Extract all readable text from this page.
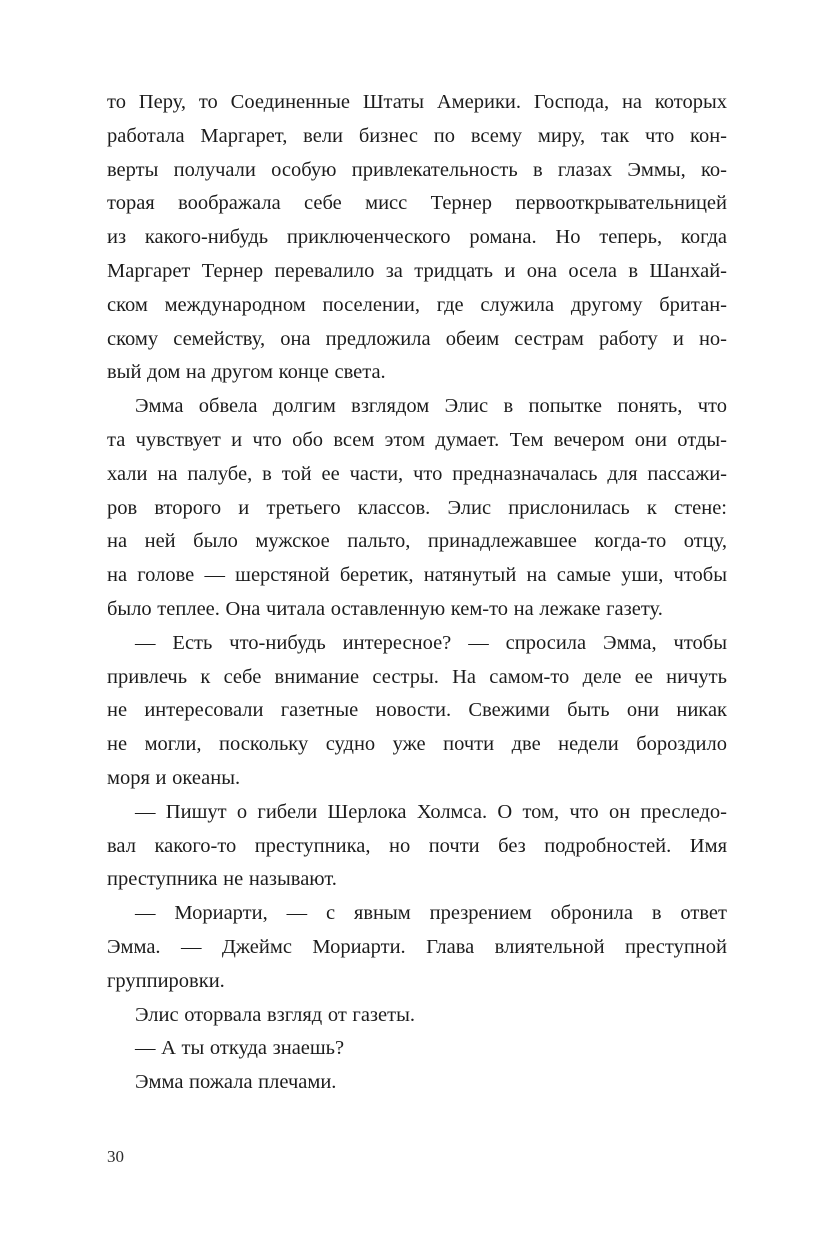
то Перу, то Соединенные Штаты Америки. Господа, на которых
работала Маргарет, вели бизнес по всему миру, так что кон-
верты получали особую привлекательность в глазах Эммы, ко-
торая воображала себе мисс Тернер первооткрывательницей
из какого-нибудь приключенческого романа. Но теперь, когда
Маргарет Тернер перевалило за тридцать и она осела в Шанхай-
ском международном поселении, где служила другому британ-
скому семейству, она предложила обеим сестрам работу и но-
вый дом на другом конце света.
Эмма обвела долгим взглядом Элис в попытке понять, что
та чувствует и что обо всем этом думает. Тем вечером они отды-
хали на палубе, в той ее части, что предназначалась для пассажи-
ров второго и третьего классов. Элис прислонилась к стене:
на ней было мужское пальто, принадлежавшее когда-то отцу,
на голове — шерстяной беретик, натянутый на самые уши, чтобы
было теплее. Она читала оставленную кем-то на лежаке газету.
— Есть что-нибудь интересное? — спросила Эмма, чтобы
привлечь к себе внимание сестры. На самом-то деле ее ничуть
не интересовали газетные новости. Свежими быть они никак
не могли, поскольку судно уже почти две недели бороздило
моря и океаны.
— Пишут о гибели Шерлока Холмса. О том, что он преследо-
вал какого-то преступника, но почти без подробностей. Имя
преступника не называют.
— Мориарти, — с явным презрением обронила в ответ
Эмма. — Джеймс Мориарти. Глава влиятельной преступной
группировки.
Элис оторвала взгляд от газеты.
— А ты откуда знаешь?
Эмма пожала плечами.
30
